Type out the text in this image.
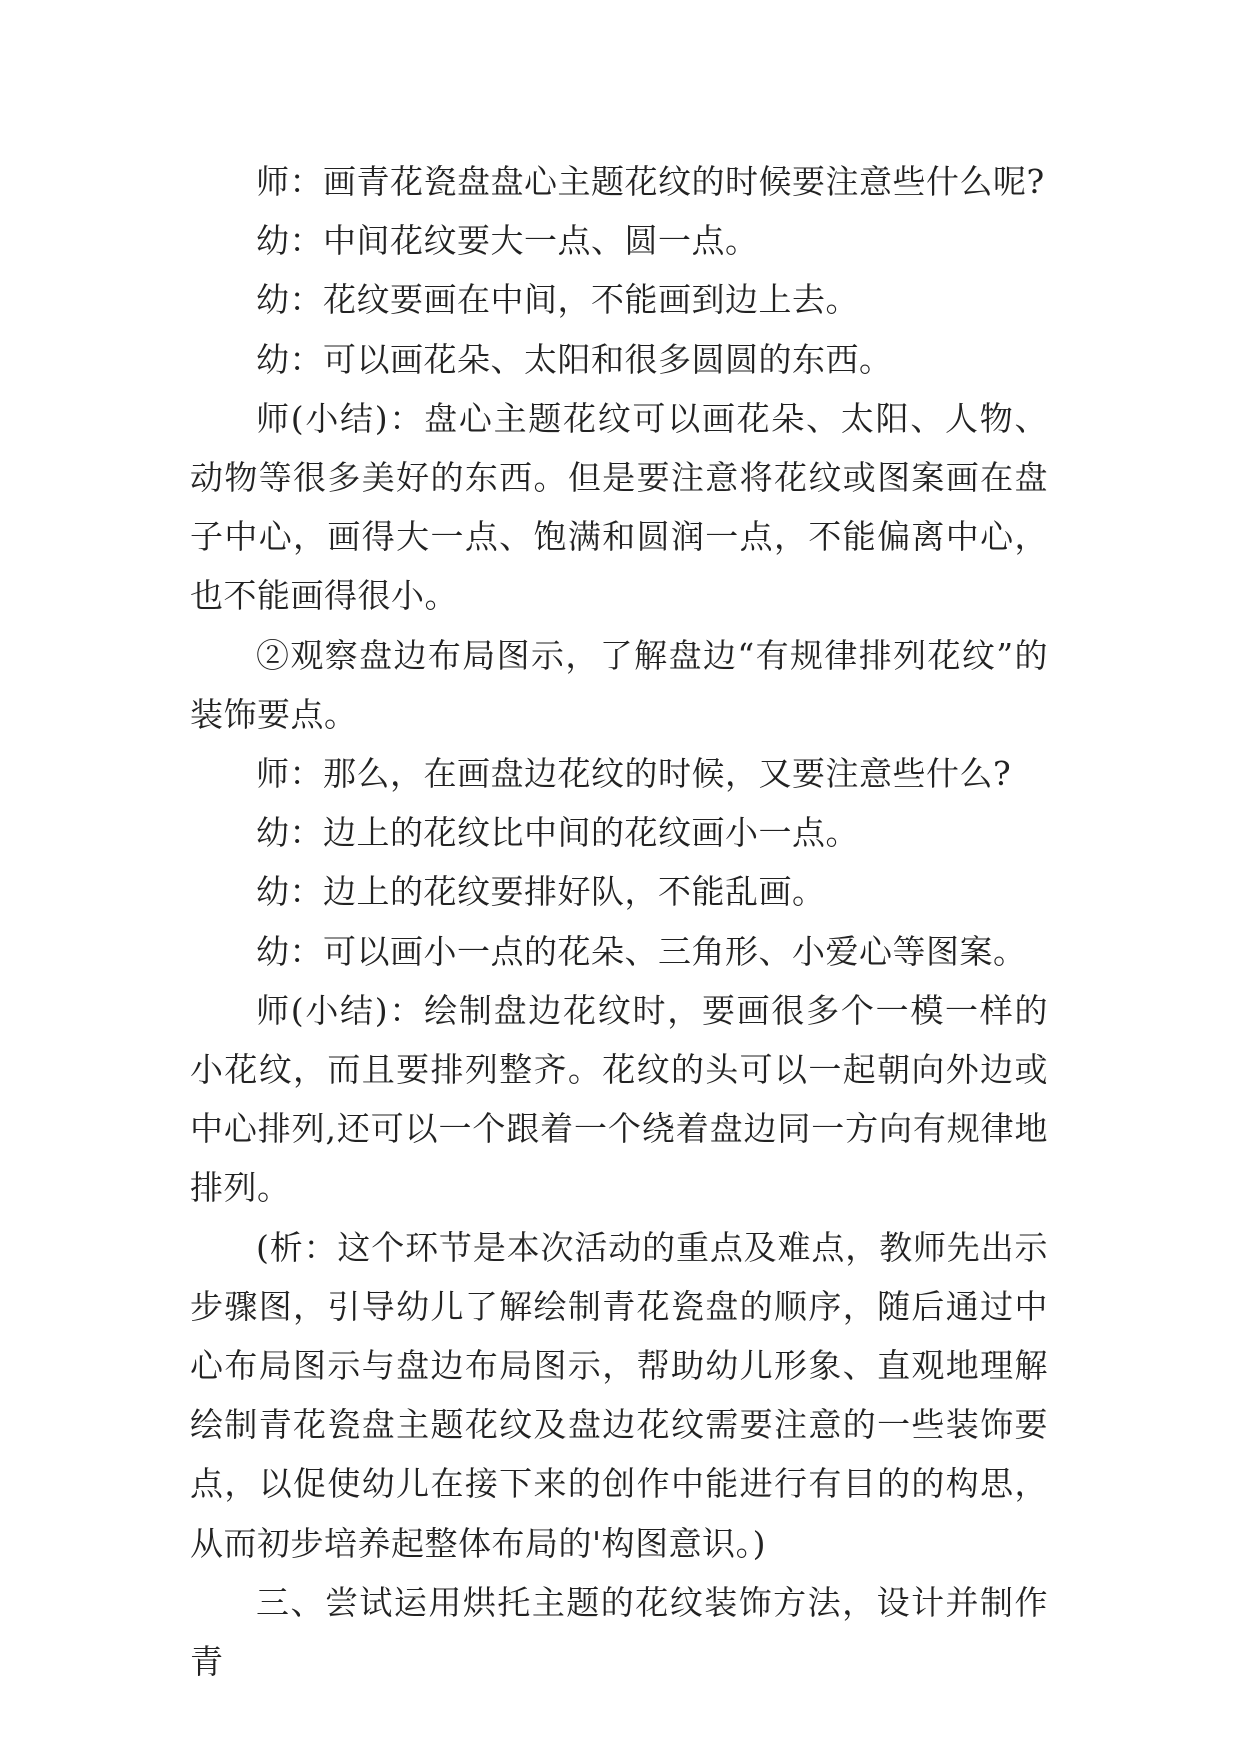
师：画青花瓷盘盘心主题花纹的时候要注意些什么呢?

幼：中间花纹要大一点、圆一点。

幼：花纹要画在中间，不能画到边上去。

幼：可以画花朵、太阳和很多圆圆的东西。

师(小结)：盘心主题花纹可以画花朵、太阳、人物、动物等很多美好的东西。但是要注意将花纹或图案画在盘子中心，画得大一点、饱满和圆润一点，不能偏离中心，也不能画得很小。

②观察盘边布局图示，了解盘边“有规律排列花纹”的装饰要点。

师：那么，在画盘边花纹的时候，又要注意些什么?

幼：边上的花纹比中间的花纹画小一点。

幼：边上的花纹要排好队，不能乱画。

幼：可以画小一点的花朵、三角形、小爱心等图案。

师(小结)：绘制盘边花纹时，要画很多个一模一样的小花纹，而且要排列整齐。花纹的头可以一起朝向外边或中心排列,还可以一个跟着一个绕着盘边同一方向有规律地排列。

(析：这个环节是本次活动的重点及难点，教师先出示步骤图，引导幼儿了解绘制青花瓷盘的顺序，随后通过中心布局图示与盘边布局图示，帮助幼儿形象、直观地理解绘制青花瓷盘主题花纹及盘边花纹需要注意的一些装饰要点，以促使幼儿在接下来的创作中能进行有目的的构思，从而初步培养起整体布局的'构图意识。)

三、尝试运用烘托主题的花纹装饰方法，设计并制作青
